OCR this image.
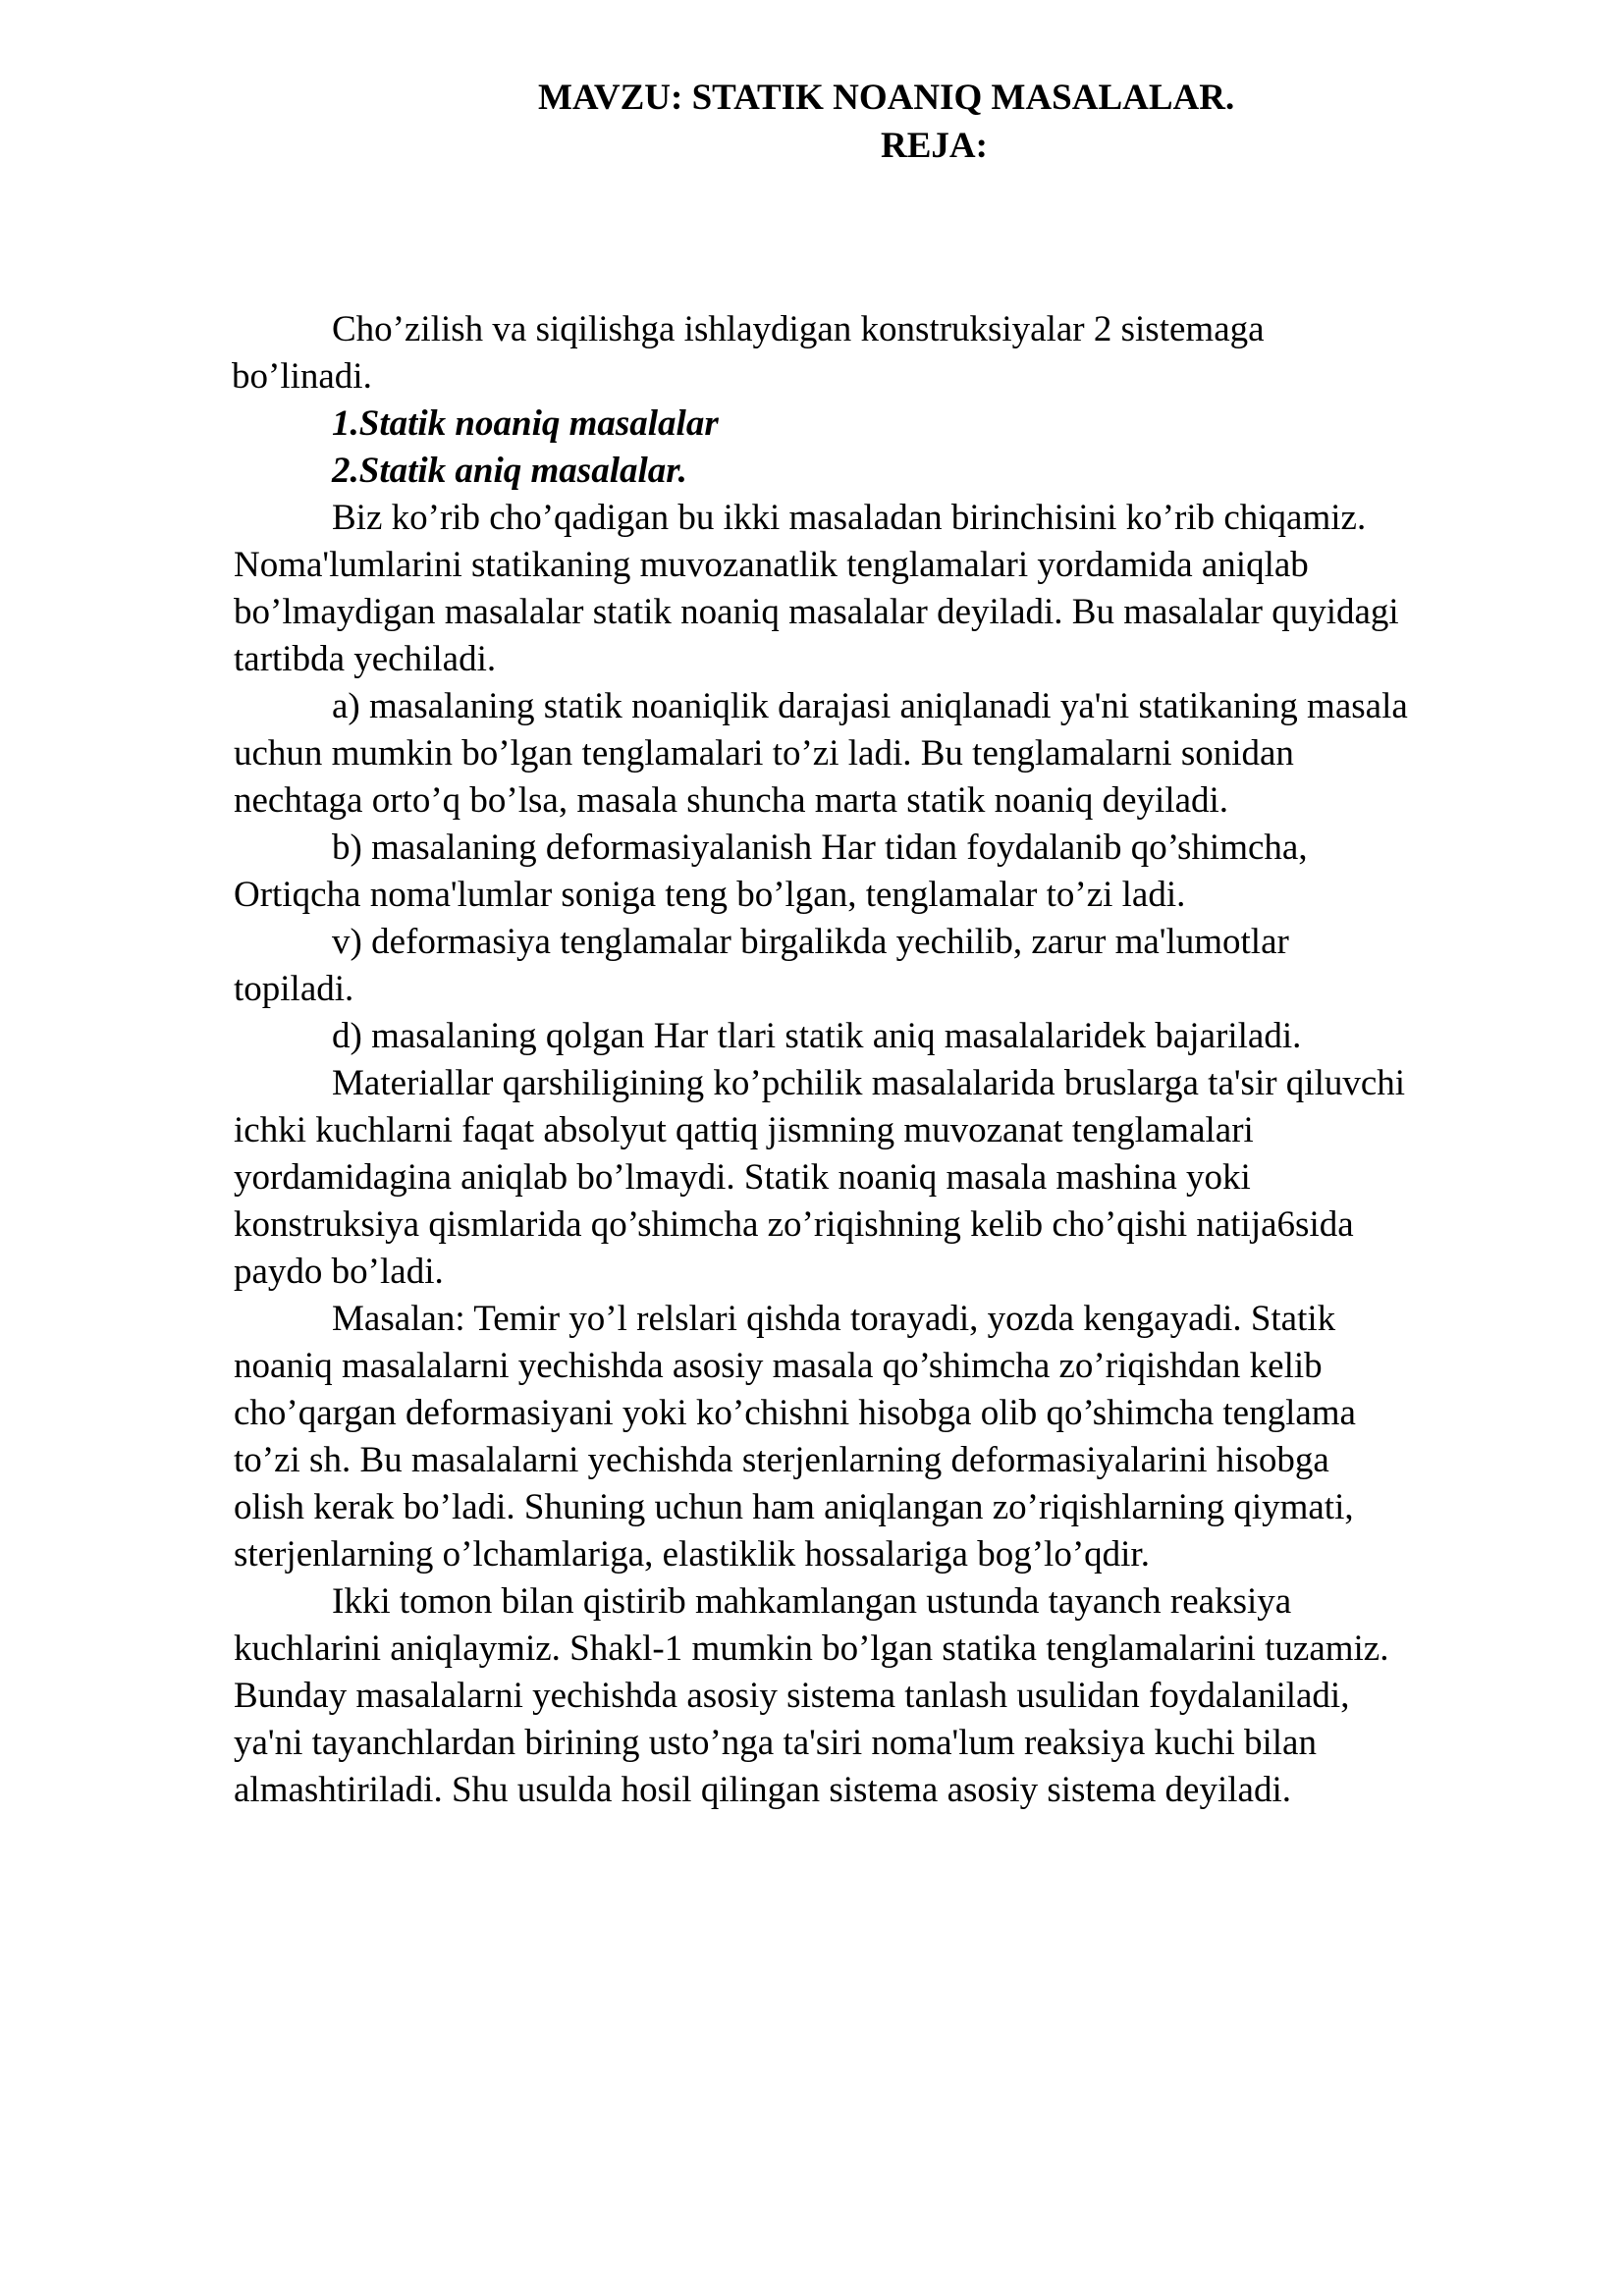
MAVZU: STATIK NOANIQ MASALALAR.
REJA:
Cho’zilish va siqilishga ishlaydigan konstruksiyalar 2 sistemaga
bo’linadi.
1.Statik noaniq masalalar
2.Statik aniq masalalar.
Biz ko’rib cho’qadigan bu ikki masaladan birinchisini ko’rib chiqamiz.
Noma'lumlarini statikaning muvozanatlik tenglamalari yordamida aniqlab
bo’lmaydigan masalalar statik noaniq masalalar deyiladi. Bu masalalar quyidagi
tartibda yechiladi.
a) masalaning statik noaniqlik darajasi aniqlanadi ya'ni statikaning masala
uchun mumkin bo’lgan tenglamalari to’zi ladi. Bu tenglamalarni sonidan
nechtaga orto’q bo’lsa, masala shuncha marta statik noaniq deyiladi.
b) masalaning deformasiyalanish Har tidan foydalanib qo’shimcha,
Ortiqcha noma'lumlar soniga teng bo’lgan, tenglamalar to’zi ladi.
v) deformasiya tenglamalar birgalikda yechilib, zarur ma'lumotlar
topiladi.
d) masalaning qolgan Har tlari statik aniq masalalaridek bajariladi.
Materiallar qarshiligining ko’pchilik masalalarida bruslarga ta'sir qiluvchi
ichki kuchlarni faqat absolyut qattiq jismning muvozanat tenglamalari
yordamidagina aniqlab bo’lmaydi. Statik noaniq masala mashina yoki
konstruksiya qismlarida qo’shimcha zo’riqishning kelib cho’qishi natija6sida
paydo bo’ladi.
Masalan: Temir yo’l relslari qishda torayadi, yozda kengayadi. Statik
noaniq masalalarni yechishda asosiy masala qo’shimcha zo’riqishdan kelib
cho’qargan deformasiyani yoki ko’chishni hisobga olib qo’shimcha tenglama
to’zi sh. Bu masalalarni yechishda sterjenlarning deformasiyalarini hisobga
olish kerak bo’ladi. Shuning uchun ham aniqlangan zo’riqishlarning qiymati,
sterjenlarning o’lchamlariga, elastiklik hossalariga bog’lo’qdir.
Ikki tomon bilan qistirib mahkamlangan ustunda tayanch reaksiya
kuchlarini aniqlaymiz. Shakl-1 mumkin bo’lgan statika tenglamalarini tuzamiz.
Bunday masalalarni yechishda asosiy sistema tanlash usulidan foydalaniladi,
ya'ni tayanchlardan birining usto’nga ta'siri noma'lum reaksiya kuchi bilan
almashtiriladi. Shu usulda hosil qilingan sistema asosiy sistema deyiladi.
